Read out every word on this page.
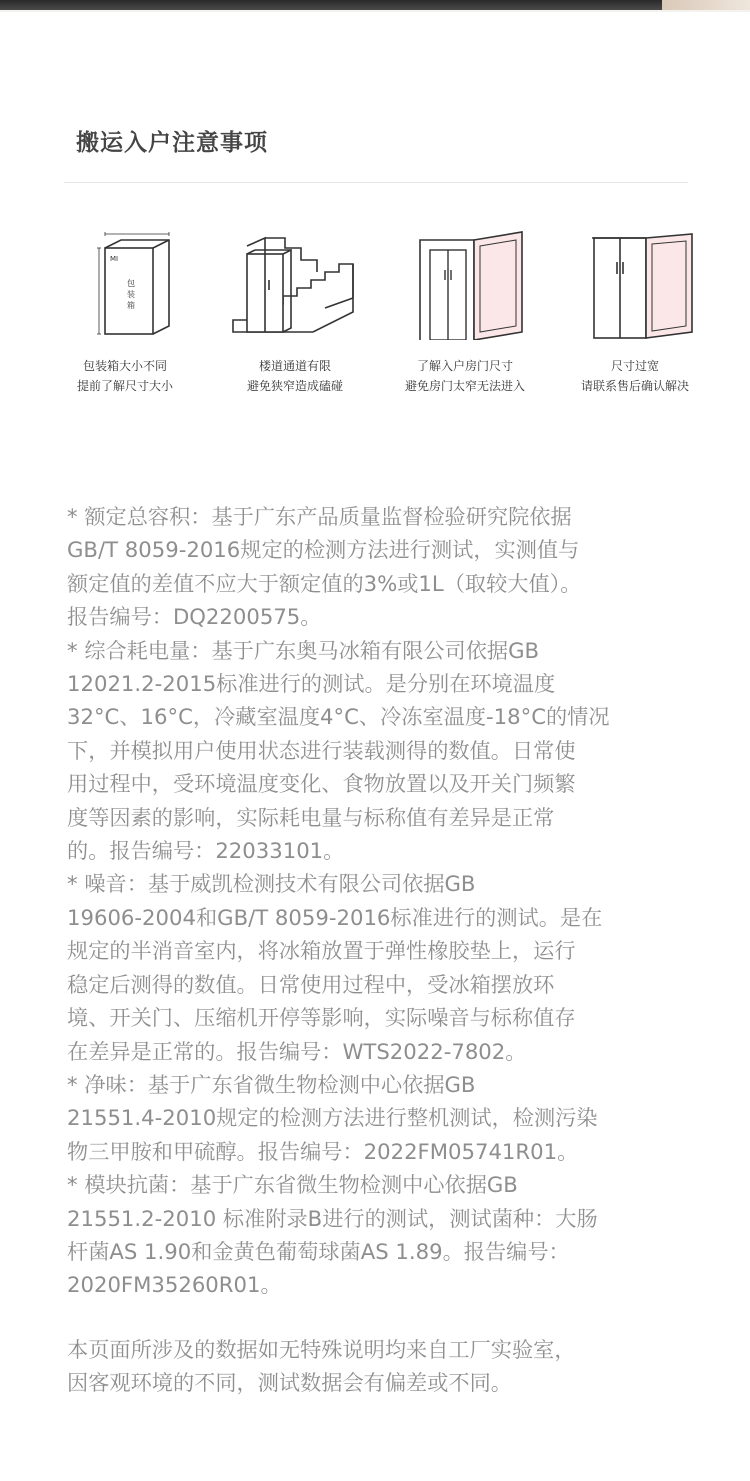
搬运入户注意事项
MI
包
装
箱
包装箱大小不同
提前了解尺寸大小
楼道通道有限
避免狭窄造成磕碰
了解入户房门尺寸
避免房门太窄无法进入
尺寸过宽
请联系售后确认解决

* 额定总容积：基于广东产品质量监督检验研究院依据

GB/T 8059-2016规定的检测方法进行测试，实测值与

额定值的差值不应大于额定值的3%或1L（取较大值）。

报告编号：DQ2200575。

* 综合耗电量：基于广东奥马冰箱有限公司依据GB

12021.2-2015标准进行的测试。是分别在环境温度

32°C、16°C，冷藏室温度4°C、冷冻室温度-18°C的情况

下，并模拟用户使用状态进行装载测得的数值。日常使

用过程中，受环境温度变化、食物放置以及开关门频繁

度等因素的影响，实际耗电量与标称值有差异是正常

的。报告编号：22033101。

* 噪音：基于威凯检测技术有限公司依据GB

19606-2004和GB/T 8059-2016标准进行的测试。是在

规定的半消音室内，将冰箱放置于弹性橡胶垫上，运行

稳定后测得的数值。日常使用过程中，受冰箱摆放环

境、开关门、压缩机开停等影响，实际噪音与标称值存

在差异是正常的。报告编号：WTS2022-7802。

* 净味：基于广东省微生物检测中心依据GB

21551.4-2010规定的检测方法进行整机测试，检测污染

物三甲胺和甲硫醇。报告编号：2022FM05741R01。

* 模块抗菌：基于广东省微生物检测中心依据GB

21551.2-2010 标准附录B进行的测试，测试菌种：大肠

杆菌AS 1.90和金黄色葡萄球菌AS 1.89。报告编号：

2020FM35260R01。

本页面所涉及的数据如无特殊说明均来自工厂实验室，

因客观环境的不同，测试数据会有偏差或不同。
